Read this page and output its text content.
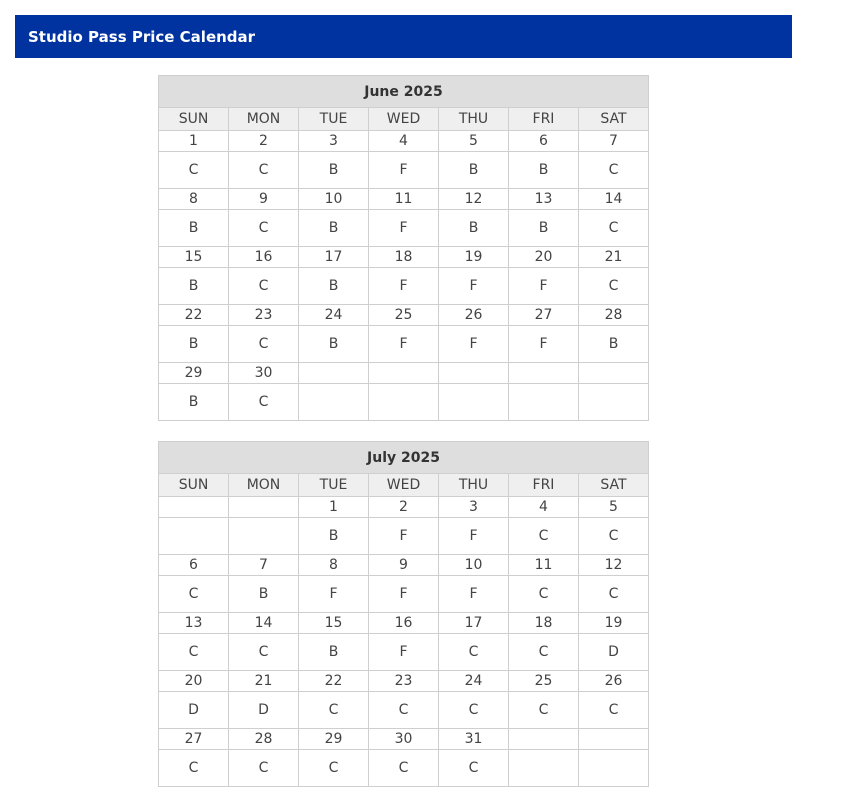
Studio Pass Price Calendar
June 2025						
SUN	MON	TUE	WED	THU	FRI	SAT
1	2	3	4	5	6	7
C	C	B	F	B	B	C
8	9	10	11	12	13	14
B	C	B	F	B	B	C
15	16	17	18	19	20	21
B	C	B	F	F	F	C
22	23	24	25	26	27	28
B	C	B	F	F	F	B
29	30					
B	C					
July 2025						
SUN	MON	TUE	WED	THU	FRI	SAT
		1	2	3	4	5
		B	F	F	C	C
6	7	8	9	10	11	12
C	B	F	F	F	C	C
13	14	15	16	17	18	19
C	C	B	F	C	C	D
20	21	22	23	24	25	26
D	D	C	C	C	C	C
27	28	29	30	31		
C	C	C	C	C		
